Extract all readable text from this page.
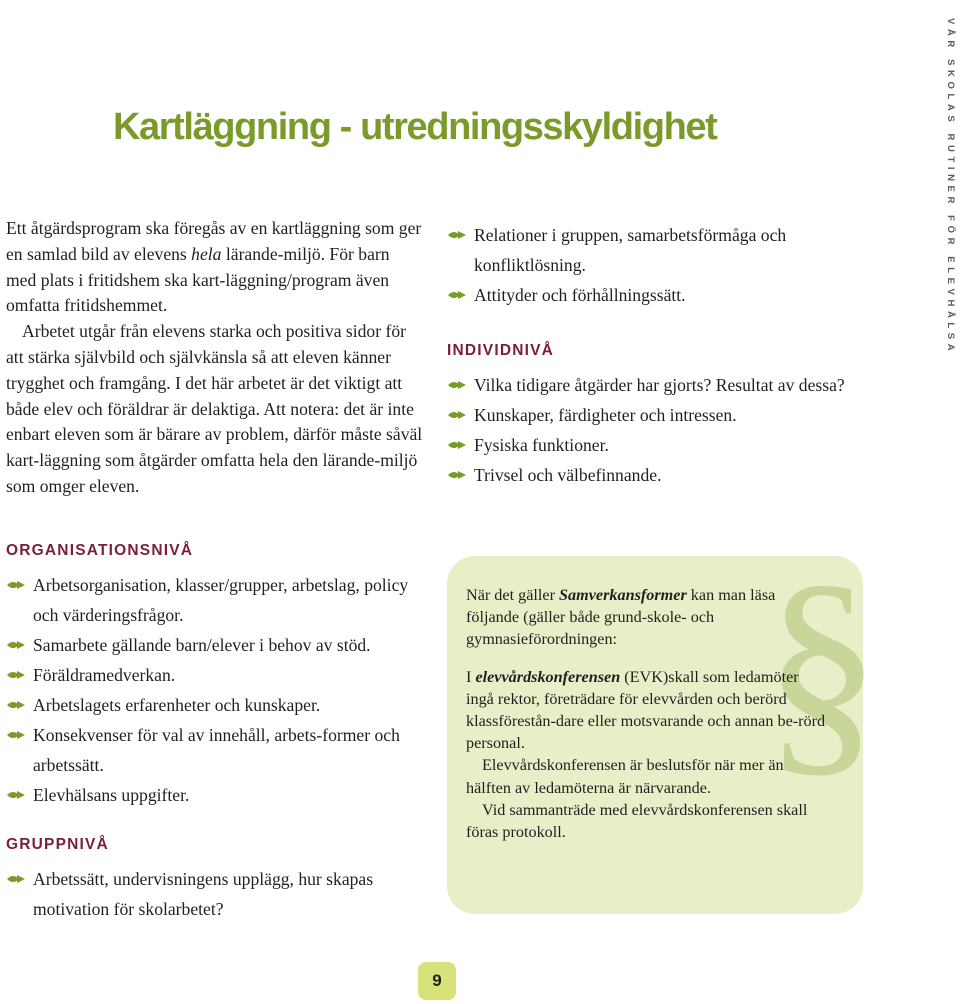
Kartläggning - utredningsskyldighet	VÅR SKOLAS RUTINER FÖR ELEVHÅLSA

Ett åtgärdsprogram ska föregås av en kartläggning som ger en samlad bild av elevens hela lärande-miljö. För barn med plats i fritidshem ska kart-läggning/program även omfatta fritidshemmet.

Arbetet utgår från elevens starka och positiva sidor för att stärka självbild och självkänsla så att eleven känner trygghet och framgång. I det här arbetet är det viktigt att både elev och föräldrar är delaktiga. Att notera: det är inte enbart eleven som är bärare av problem, därför måste såväl kart-läggning som åtgärder omfatta hela den lärande-miljö som omger eleven.

Relationer i gruppen, samarbetsförmåga och konfliktlösning.
Attityder och förhållningssätt.
INDIVIDNIVÅ
Vilka tidigare åtgärder har gjorts? Resultat av dessa?
Kunskaper, färdigheter och intressen.
Fysiska funktioner.
Trivsel och välbefinnande.
ORGANISATIONSNIVÅ
Arbetsorganisation, klasser/grupper, arbetslag, policy och värderingsfrågor.
Samarbete gällande barn/elever i behov av stöd.
Föräldramedverkan.
Arbetslagets erfarenheter och kunskaper.
Konsekvenser för val av innehåll, arbets-former och arbetssätt.
Elevhälsans uppgifter.
GRUPPNIVÅ
Arbetssätt, undervisningens upplägg, hur skapas motivation för skolarbetet?
§

När det gäller Samverkansformer kan man läsa följande (gäller både grund-skole- och gymnasieförordningen:

I elevvårdskonferensen (EVK)skall som ledamöter ingå rektor, företrädare för elevvården och berörd klassförestån-dare eller motsvarande och annan be-rörd personal.

Elevvårdskonferensen är beslutsför när mer än hälften av ledamöterna är närvarande.

Vid sammanträde med elevvårdskonferensen skall föras protokoll.

9
